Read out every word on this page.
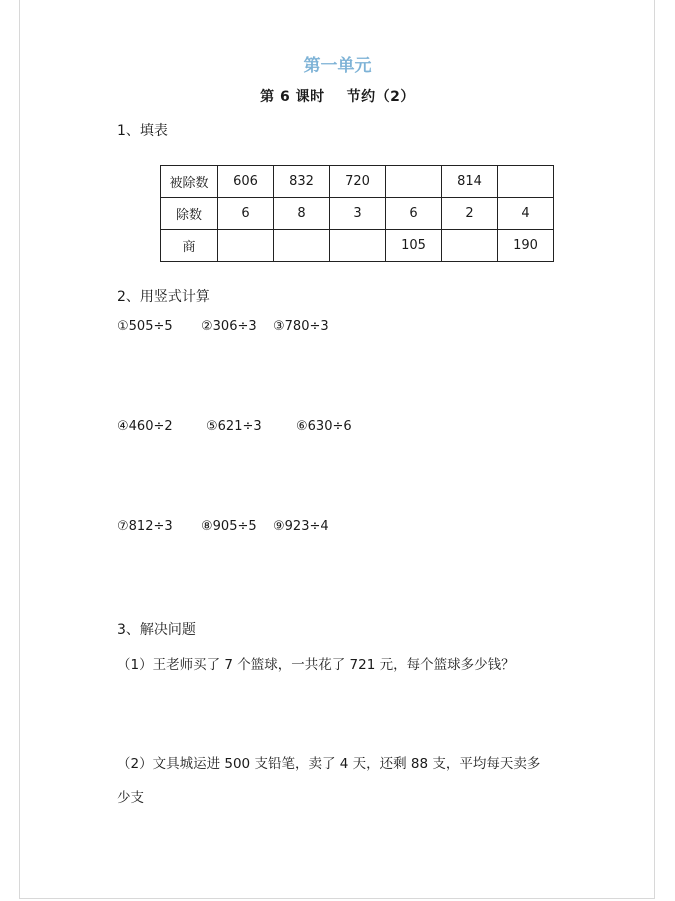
第一单元
第 6 课时 节约（2）
1、填表
被除数	606	832	720		814	
除数	6	8	3	6	2	4
商				105		190
2、用竖式计算
①505÷5 ②306÷3 ③780÷3
④460÷2	⑤621÷3	⑥630÷6
⑦812÷3 ⑧905÷5 ⑨923÷4
3、解决问题
（1）王老师买了 7 个篮球，一共花了 721 元，每个篮球多少钱？
（2）文具城运进 500 支铅笔，卖了 4 天，还剩 88 支，平均每天卖多
少支
